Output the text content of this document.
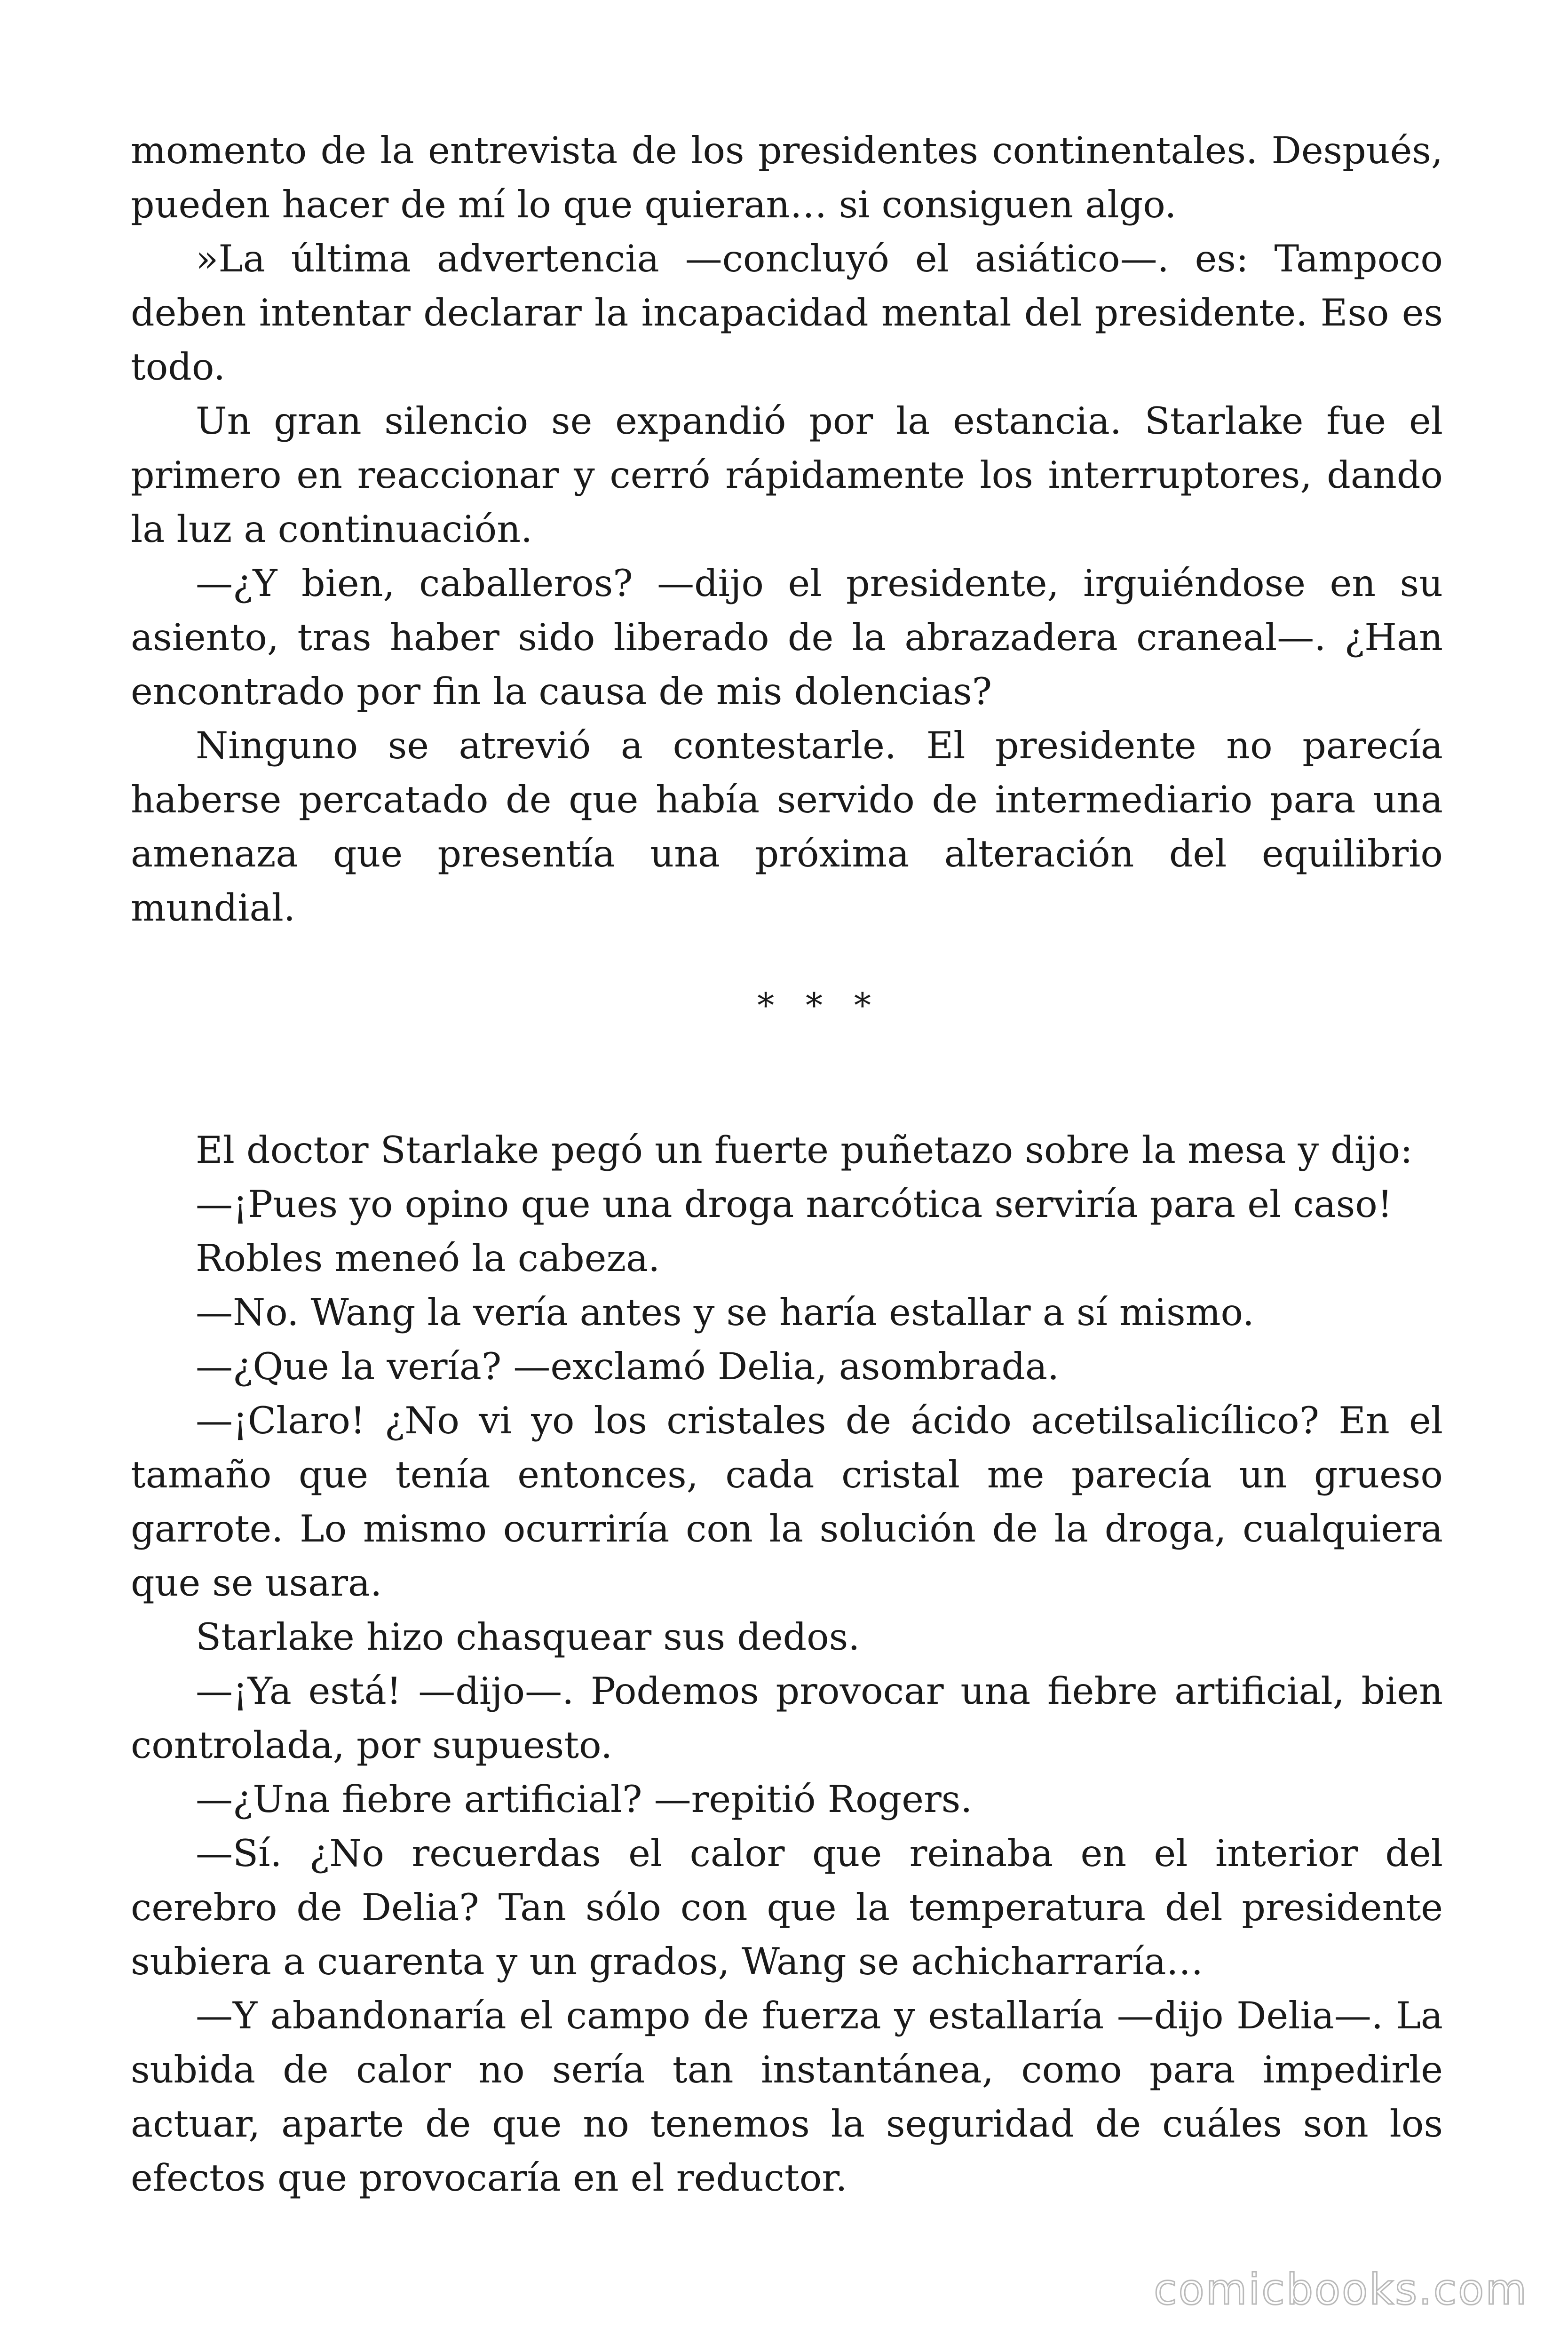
momento de la entrevista de los presidentes continentales. Después, pueden hacer de mí lo que quieran… si consiguen algo.

»La última advertencia —concluyó el asiático—. es: Tampoco deben intentar declarar la incapacidad mental del presidente. Eso es todo.

Un gran silencio se expandió por la estancia. Starlake fue el primero en reaccionar y cerró rápidamente los interruptores, dando la luz a continuación.

—¿Y bien, caballeros? —dijo el presidente, irguiéndose en su asiento, tras haber sido liberado de la abrazadera craneal—. ¿Han encontrado por fin la causa de mis dolencias?

Ninguno se atrevió a contestarle. El presidente no parecía haberse percatado de que había servido de intermediario para una amenaza que presentía una próxima alteración del equilibrio mundial.

* * *

El doctor Starlake pegó un fuerte puñetazo sobre la mesa y dijo:

—¡Pues yo opino que una droga narcótica serviría para el caso!

Robles meneó la cabeza.

—No. Wang la vería antes y se haría estallar a sí mismo.

—¿Que la vería? —exclamó Delia, asombrada.

—¡Claro! ¿No vi yo los cristales de ácido acetilsalicílico? En el tamaño que tenía entonces, cada cristal me parecía un grueso garrote. Lo mismo ocurriría con la solución de la droga, cualquiera que se usara.

Starlake hizo chasquear sus dedos.

—¡Ya está! —dijo—. Podemos provocar una fiebre artificial, bien controlada, por supuesto.

—¿Una fiebre artificial? —repitió Rogers.

—Sí. ¿No recuerdas el calor que reinaba en el interior del cerebro de Delia? Tan sólo con que la temperatura del presidente subiera a cuarenta y un grados, Wang se achicharraría…

—Y abandonaría el campo de fuerza y estallaría —dijo Delia—. La subida de calor no sería tan instantánea, como para impedirle actuar, aparte de que no tenemos la seguridad de cuáles son los efectos que provocaría en el reductor.

comicbooks.com
